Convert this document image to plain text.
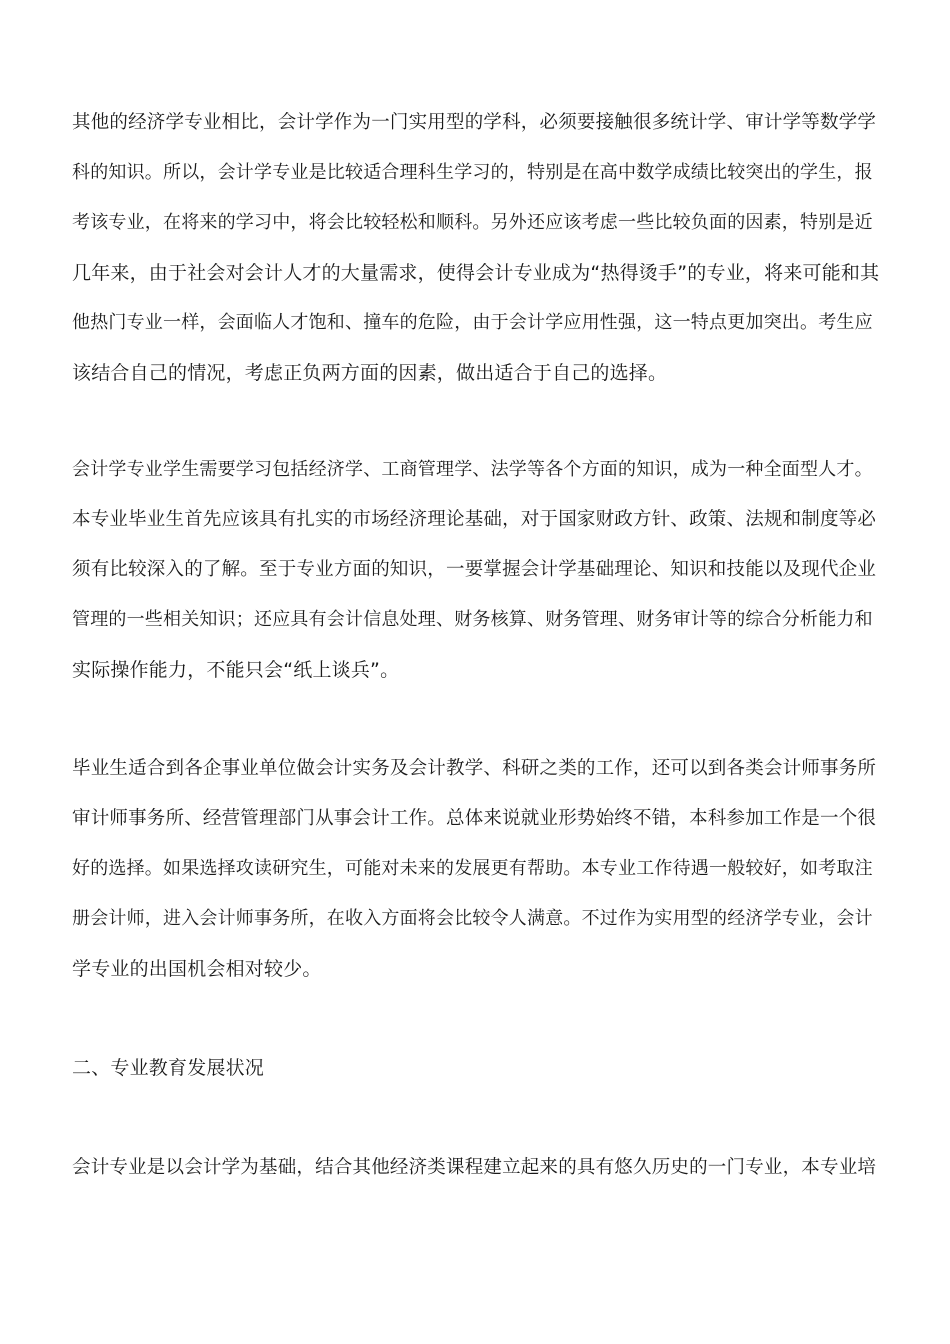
其他的经济学专业相比，会计学作为一门实用型的学科，必须要接触很多统计学、审计学等数学学
科的知识。所以，会计学专业是比较适合理科生学习的，特别是在高中数学成绩比较突出的学生，报
考该专业，在将来的学习中，将会比较轻松和顺科。另外还应该考虑一些比较负面的因素，特别是近
几年来，由于社会对会计人才的大量需求，使得会计专业成为“热得烫手”的专业，将来可能和其
他热门专业一样，会面临人才饱和、撞车的危险，由于会计学应用性强，这一特点更加突出。考生应
该结合自己的情况，考虑正负两方面的因素，做出适合于自己的选择。
会计学专业学生需要学习包括经济学、工商管理学、法学等各个方面的知识，成为一种全面型人才。
本专业毕业生首先应该具有扎实的市场经济理论基础，对于国家财政方针、政策、法规和制度等必
须有比较深入的了解。至于专业方面的知识，一要掌握会计学基础理论、知识和技能以及现代企业
管理的一些相关知识；还应具有会计信息处理、财务核算、财务管理、财务审计等的综合分析能力和
实际操作能力，不能只会“纸上谈兵”。
毕业生适合到各企事业单位做会计实务及会计教学、科研之类的工作，还可以到各类会计师事务所
审计师事务所、经营管理部门从事会计工作。总体来说就业形势始终不错，本科参加工作是一个很
好的选择。如果选择攻读研究生，可能对未来的发展更有帮助。本专业工作待遇一般较好，如考取注
册会计师，进入会计师事务所，在收入方面将会比较令人满意。不过作为实用型的经济学专业，会计
学专业的出国机会相对较少。
二、专业教育发展状况
会计专业是以会计学为基础，结合其他经济类课程建立起来的具有悠久历史的一门专业，本专业培
